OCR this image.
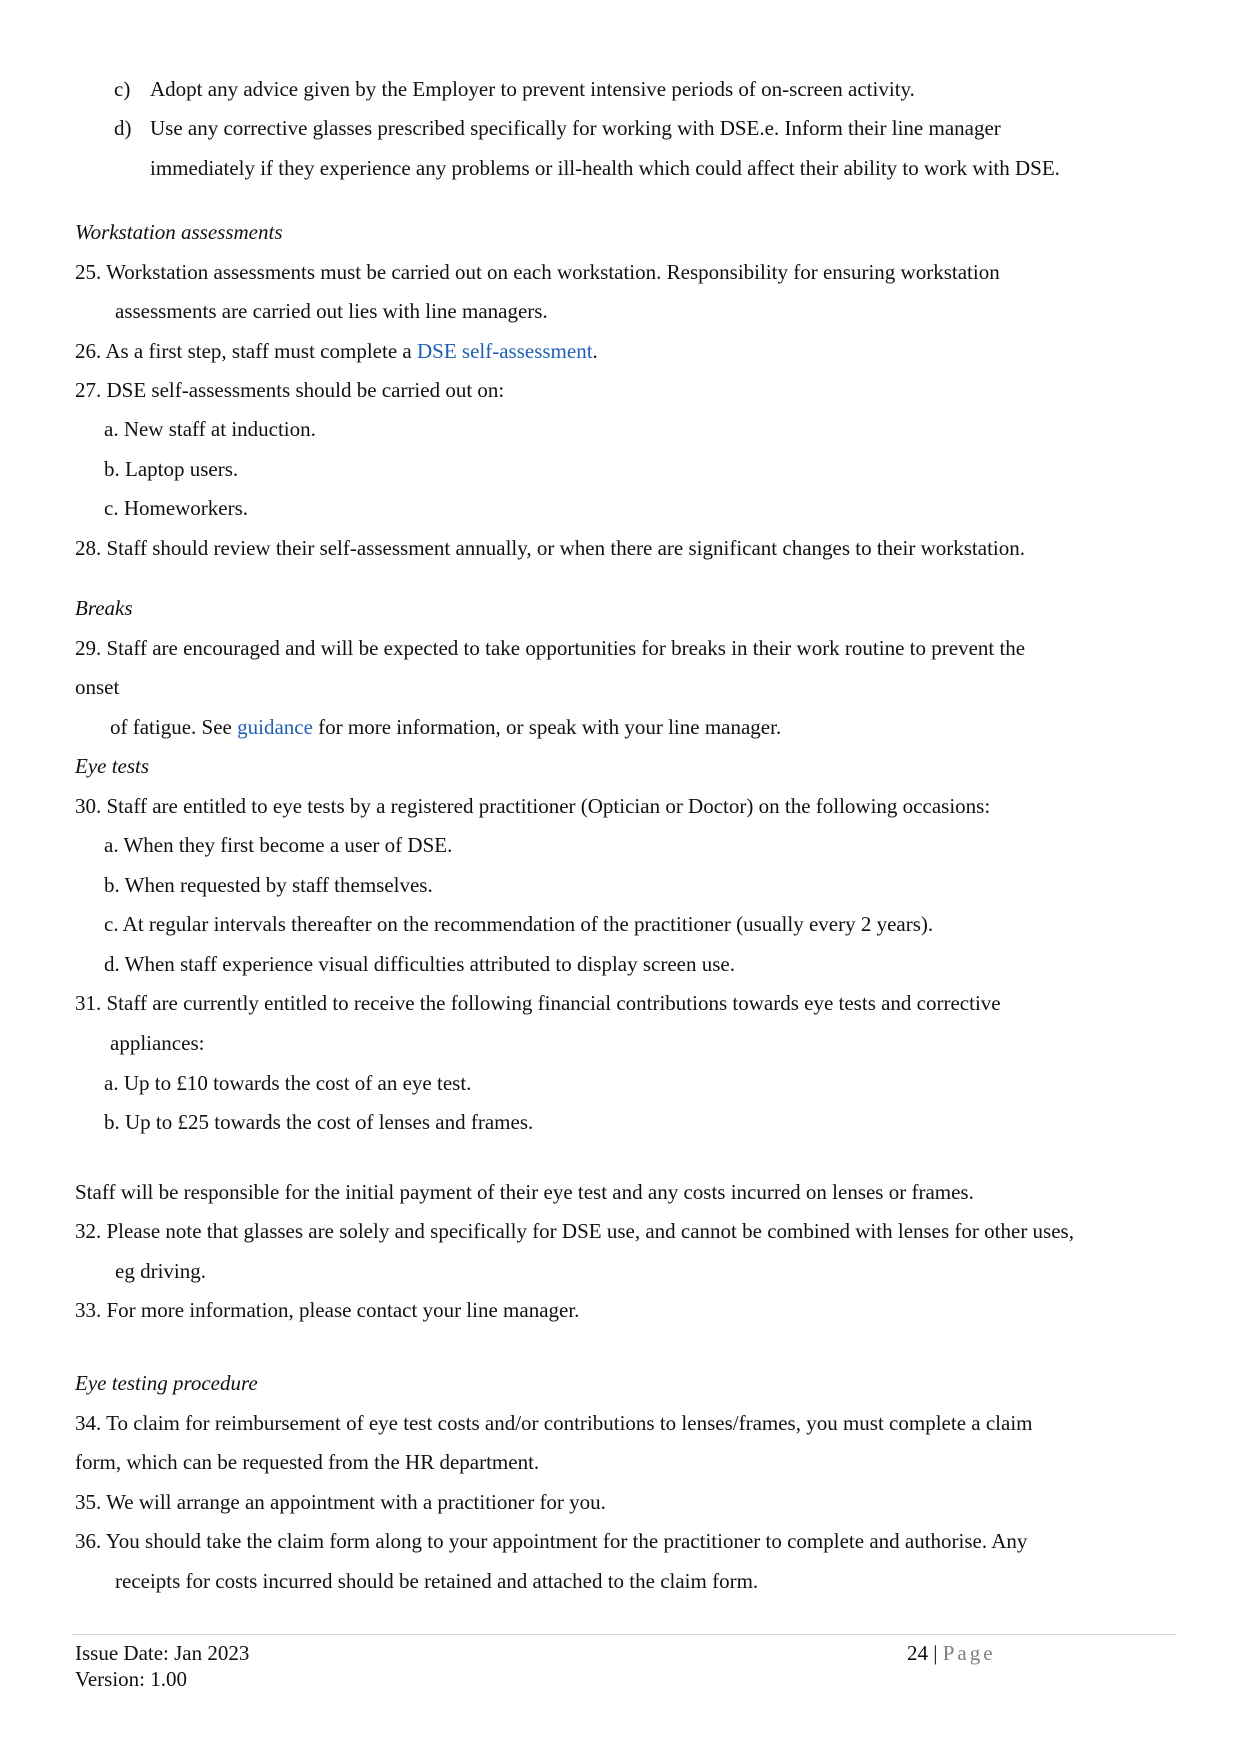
c) Adopt any advice given by the Employer to prevent intensive periods of on-screen activity.
d) Use any corrective glasses prescribed specifically for working with DSE.e. Inform their line manager
immediately if they experience any problems or ill-health which could affect their ability to work with DSE.
Workstation assessments
25. Workstation assessments must be carried out on each workstation. Responsibility for ensuring workstation
assessments are carried out lies with line managers.
26. As a first step, staff must complete a DSE self-assessment.
27. DSE self-assessments should be carried out on:
a. New staff at induction.
b. Laptop users.
c. Homeworkers.
28. Staff should review their self-assessment annually, or when there are significant changes to their workstation.
Breaks
29. Staff are encouraged and will be expected to take opportunities for breaks in their work routine to prevent the
onset
of fatigue. See guidance for more information, or speak with your line manager.
Eye tests
30. Staff are entitled to eye tests by a registered practitioner (Optician or Doctor) on the following occasions:
a. When they first become a user of DSE.
b. When requested by staff themselves.
c. At regular intervals thereafter on the recommendation of the practitioner (usually every 2 years).
d. When staff experience visual difficulties attributed to display screen use.
31. Staff are currently entitled to receive the following financial contributions towards eye tests and corrective
appliances:
a. Up to £10 towards the cost of an eye test.
b. Up to £25 towards the cost of lenses and frames.
Staff will be responsible for the initial payment of their eye test and any costs incurred on lenses or frames.
32. Please note that glasses are solely and specifically for DSE use, and cannot be combined with lenses for other uses,
eg driving.
33. For more information, please contact your line manager.
Eye testing procedure
34. To claim for reimbursement of eye test costs and/or contributions to lenses/frames, you must complete a claim
form, which can be requested from the HR department.
35. We will arrange an appointment with a practitioner for you.
36. You should take the claim form along to your appointment for the practitioner to complete and authorise. Any
receipts for costs incurred should be retained and attached to the claim form.
Issue Date: Jan 2023
Version: 1.00
24 | Page
